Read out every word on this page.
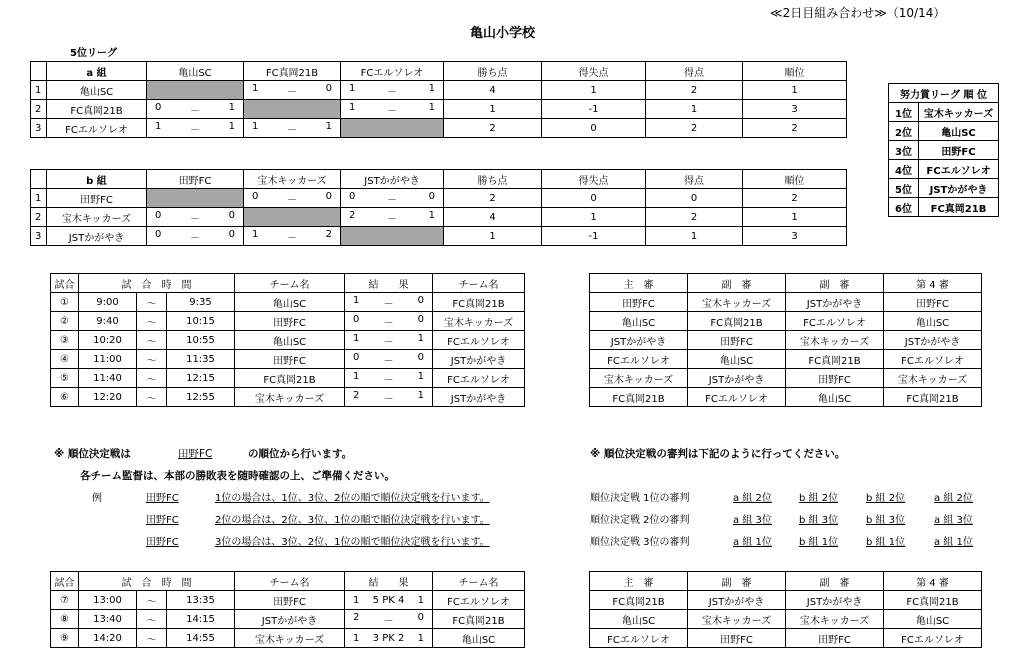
≪2日目組み合わせ≫（10/14）
亀山小学校
5位リーグ
	a 組	亀山SC	FC真岡21B	FCエルソレオ	勝ち点	得失点	得点	順位
1	亀山SC		1 － 0	1 － 1	4	1	2	1
2	FC真岡21B	0 － 1		1 － 1	1	-1	1	3
3	FCエルソレオ	1 － 1	1 － 1		2	0	2	2
	b 組	田野FC	宝木キッカーズ	JSTかがやき	勝ち点	得失点	得点	順位
1	田野FC		0 － 0	0 － 0	2	0	0	2
2	宝木キッカーズ	0 － 0		2 － 1	4	1	2	1
3	JSTかがやき	0 － 0	1 － 2		1	-1	1	3
努力賞リーグ 順 位	
1位	宝木キッカーズ
2位	亀山SC
3位	田野FC
4位	FCエルソレオ
5位	JSTかがやき
6位	FC真岡21B
試合	試　合　時　間			チーム名	結　　果	チーム名
①	9:00	～	9:35	亀山SC	1 － 0	FC真岡21B
②	9:40	～	10:15	田野FC	0 － 0	宝木キッカーズ
③	10:20	～	10:55	亀山SC	1 － 1	FCエルソレオ
④	11:00	～	11:35	田野FC	0 － 0	JSTかがやき
⑤	11:40	～	12:15	FC真岡21B	1 － 1	FCエルソレオ
⑥	12:20	～	12:55	宝木キッカーズ	2 － 1	JSTかがやき
主　審	副　審	副　審	第 4 審
田野FC	宝木キッカーズ	JSTかがやき	田野FC
亀山SC	FC真岡21B	FCエルソレオ	亀山SC
JSTかがやき	田野FC	宝木キッカーズ	JSTかがやき
FCエルソレオ	亀山SC	FC真岡21B	FCエルソレオ
宝木キッカーズ	JSTかがやき	田野FC	宝木キッカーズ
FC真岡21B	FCエルソレオ	亀山SC	FC真岡21B
※ 順位決定戦は	田野FC	の順位から行います。
各チーム監督は、本部の勝敗表を随時確認の上、ご準備ください。
例	田野FC	1位の場合は、1位、3位、2位の順で順位決定戦を行います。
田野FC	2位の場合は、2位、3位、1位の順で順位決定戦を行います。
田野FC	3位の場合は、3位、2位、1位の順で順位決定戦を行います。
※ 順位決定戦の審判は下記のように行ってください。
順位決定戦 1位の審判	a 組 2位	b 組 2位	b 組 2位	a 組 2位
順位決定戦 2位の審判	a 組 3位	b 組 3位	b 組 3位	a 組 3位
順位決定戦 3位の審判	a 組 1位	b 組 1位	b 組 1位	a 組 1位
試合	試　合　時　間			チーム名	結　　果	チーム名
⑦	13:00	～	13:35	田野FC	1 5 PK 4 1	FCエルソレオ
⑧	13:40	～	14:15	JSTかがやき	2 － 0	FC真岡21B
⑨	14:20	～	14:55	宝木キッカーズ	1 3 PK 2 1	亀山SC
主　審	副　審	副　審	第 4 審
FC真岡21B	JSTかがやき	JSTかがやき	FC真岡21B
亀山SC	宝木キッカーズ	宝木キッカーズ	亀山SC
FCエルソレオ	田野FC	田野FC	FCエルソレオ
